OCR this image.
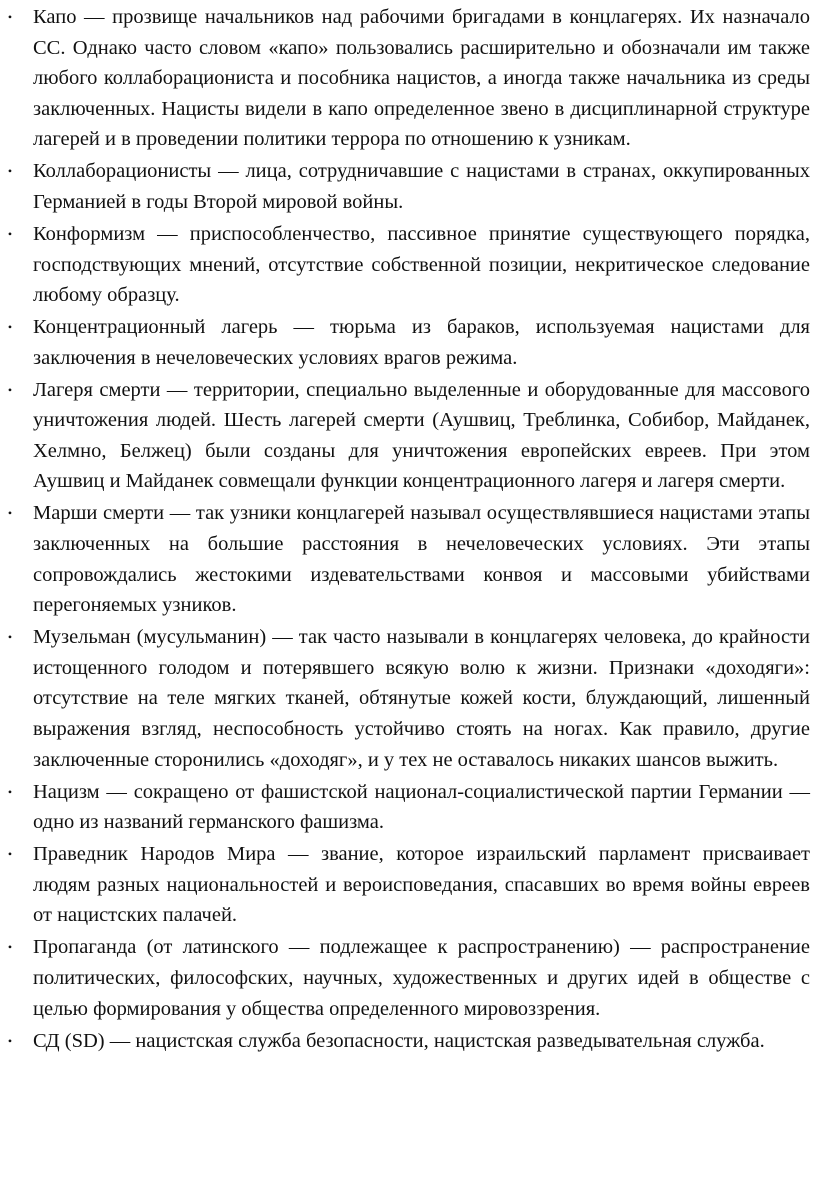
• Капо — прозвище начальников над рабочими бригадами в концлагерях. Их назначало СС. Однако часто словом «капо» пользовались расширительно и обозначали им также любого коллаборациониста и пособника нацистов, а иногда также начальника из среды заключенных. Нацисты видели в капо определенное звено в дисциплинарной структуре лагерей и в проведении политики террора по отношению к узникам.
• Коллаборационисты — лица, сотрудничавшие с нацистами в странах, оккупированных Германией в годы Второй мировой войны.
• Конформизм — приспособленчество, пассивное принятие существующего порядка, господствующих мнений, отсутствие собственной позиции, некритическое следование любому образцу.
• Концентрационный лагерь — тюрьма из бараков, используемая нацистами для заключения в нечеловеческих условиях врагов режима.
• Лагеря смерти — территории, специально выделенные и оборудованные для массового уничтожения людей. Шесть лагерей смерти (Аушвиц, Треблинка, Собибор, Майданек, Хелмно, Белжец) были созданы для уничтожения европейских евреев. При этом Аушвиц и Майданек совмещали функции концентрационного лагеря и лагеря смерти.
• Марши смерти — так узники концлагерей называл осуществлявшиеся нацистами этапы заключенных на большие расстояния в нечеловеческих условиях. Эти этапы сопровождались жестокими издевательствами конвоя и массовыми убийствами перегоняемых узников.
• Музельман (мусульманин) — так часто называли в концлагерях человека, до крайности истощенного голодом и потерявшего всякую волю к жизни. Признаки «доходяги»: отсутствие на теле мягких тканей, обтянутые кожей кости, блуждающий, лишенный выражения взгляд, неспособность устойчиво стоять на ногах. Как правило, другие заключенные сторонились «доходяг», и у тех не оставалось никаких шансов выжить.
• Нацизм — сокращено от фашистской национал-социалистической партии Германии — одно из названий германского фашизма.
• Праведник Народов Мира — звание, которое израильский парламент присваивает людям разных национальностей и вероисповедания, спасавших во время войны евреев от нацистских палачей.
• Пропаганда (от латинского — подлежащее к распространению) — распространение политических, философских, научных, художественных и других идей в обществе с целью формирования у общества определенного мировоззрения.
• СД (SD) — нацистская служба безопасности, нацистская разведывательная служба.
